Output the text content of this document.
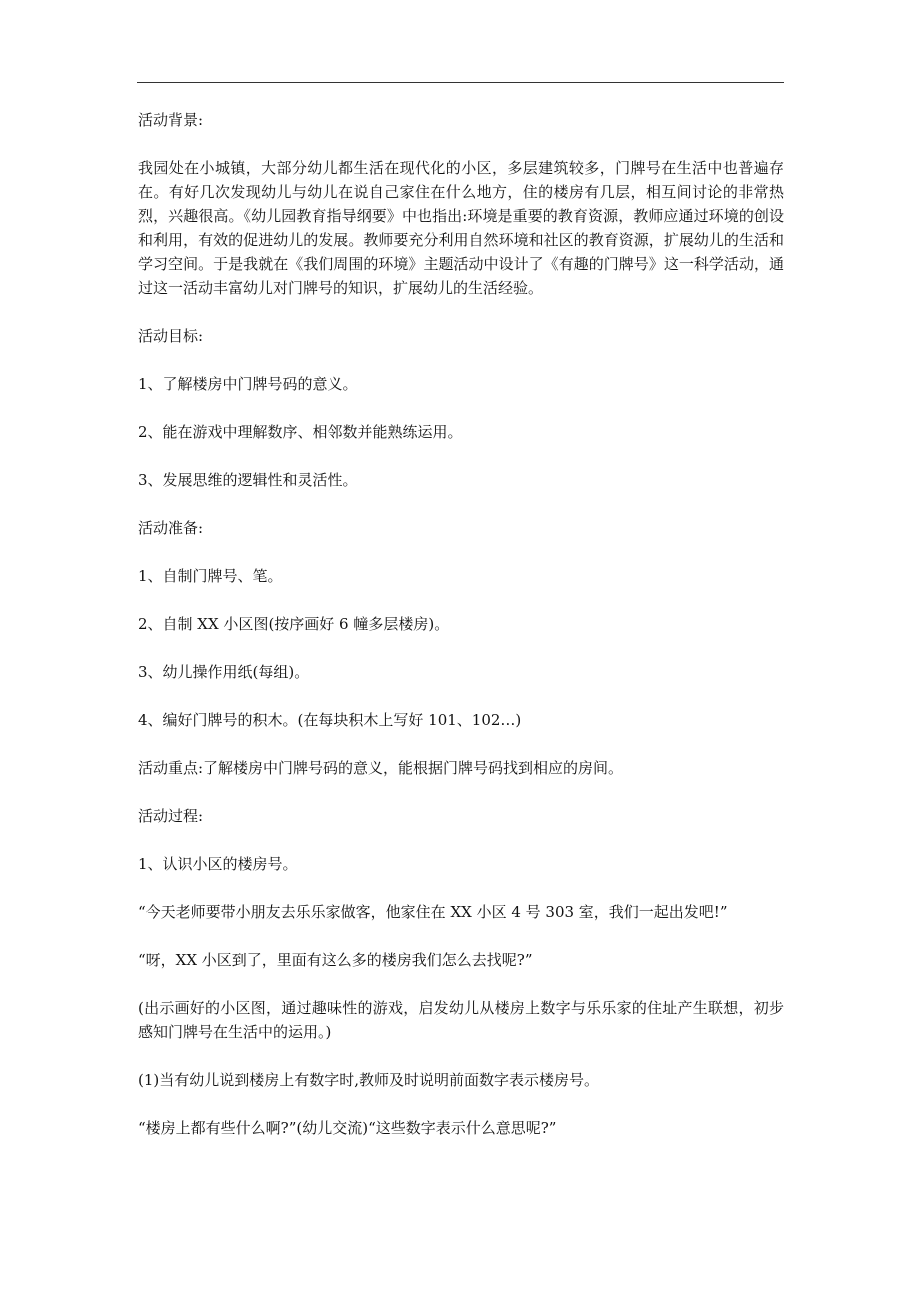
活动背景:

我园处在小城镇，大部分幼儿都生活在现代化的小区，多层建筑较多，门牌号在生活中也普遍存在。有好几次发现幼儿与幼儿在说自己家住在什么地方，住的楼房有几层，相互间讨论的非常热烈，兴趣很高。《幼儿园教育指导纲要》中也指出:环境是重要的教育资源，教师应通过环境的创设和利用，有效的促进幼儿的发展。教师要充分利用自然环境和社区的教育资源，扩展幼儿的生活和学习空间。于是我就在《我们周围的环境》主题活动中设计了《有趣的门牌号》这一科学活动，通过这一活动丰富幼儿对门牌号的知识，扩展幼儿的生活经验。

活动目标:

1、了解楼房中门牌号码的意义。

2、能在游戏中理解数序、相邻数并能熟练运用。

3、发展思维的逻辑性和灵活性。

活动准备:

1、自制门牌号、笔。

2、自制 XX 小区图(按序画好 6 幢多层楼房)。

3、幼儿操作用纸(每组)。

4、编好门牌号的积木。(在每块积木上写好 101、102…)

活动重点:了解楼房中门牌号码的意义，能根据门牌号码找到相应的房间。

活动过程:

1、认识小区的楼房号。

“今天老师要带小朋友去乐乐家做客，他家住在 XX 小区 4 号 303 室，我们一起出发吧!”

“呀，XX 小区到了，里面有这么多的楼房我们怎么去找呢?”

(出示画好的小区图，通过趣味性的游戏，启发幼儿从楼房上数字与乐乐家的住址产生联想，初步感知门牌号在生活中的运用。)

(1)当有幼儿说到楼房上有数字时,教师及时说明前面数字表示楼房号。

“楼房上都有些什么啊?”(幼儿交流)“这些数字表示什么意思呢?”
